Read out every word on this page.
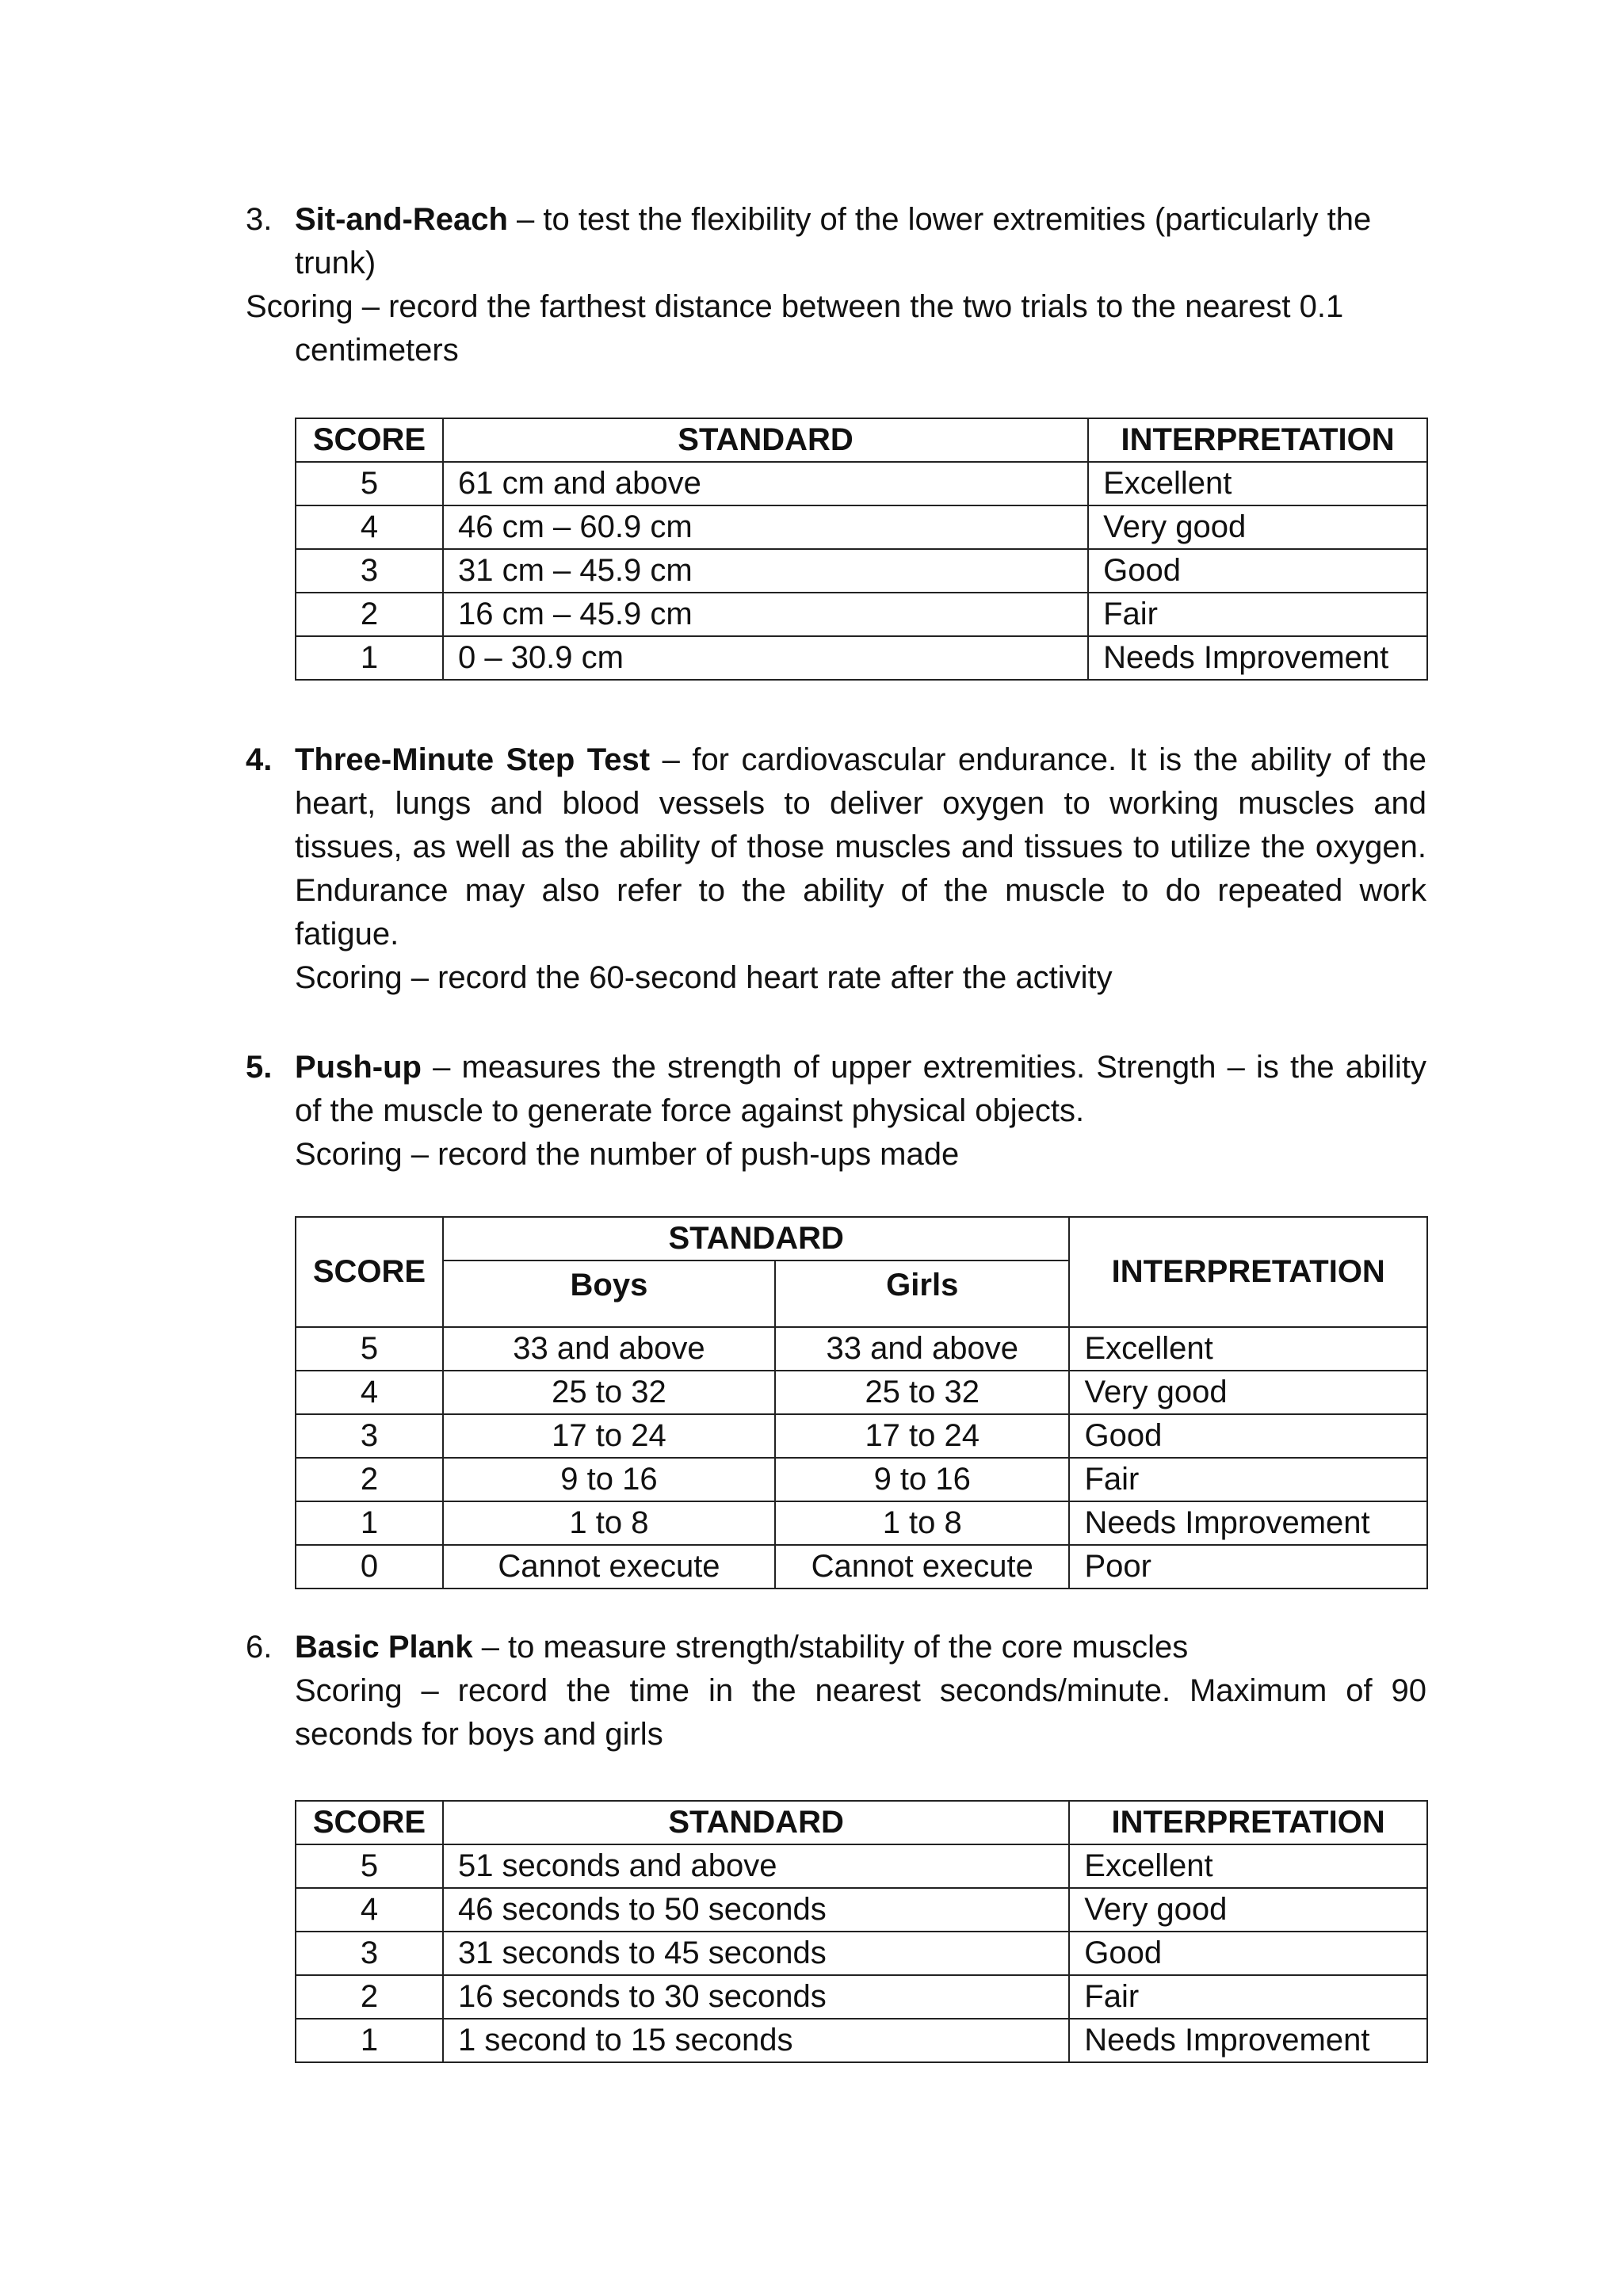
3. Sit-and-Reach – to test the flexibility of the lower extremities (particularly the trunk)
Scoring – record the farthest distance between the two trials to the nearest 0.1 centimeters
SCORE	STANDARD	INTERPRETATION
5	61 cm and above	Excellent
4	46 cm – 60.9 cm	Very good
3	31 cm – 45.9 cm	Good
2	16 cm – 45.9 cm	Fair
1	0 – 30.9 cm	Needs Improvement
4. Three-Minute Step Test – for cardiovascular endurance. It is the ability of the heart, lungs and blood vessels to deliver oxygen to working muscles and tissues, as well as the ability of those muscles and tissues to utilize the oxygen. Endurance may also refer to the ability of the muscle to do repeated work fatigue.
Scoring – record the 60-second heart rate after the activity
5. Push-up – measures the strength of upper extremities. Strength – is the ability of the muscle to generate force against physical objects.
Scoring – record the number of push-ups made
SCORE	STANDARD		INTERPRETATION
	Boys	Girls	
5	33 and above	33 and above	Excellent
4	25 to 32	25 to 32	Very good
3	17 to 24	17 to 24	Good
2	9 to 16	9 to 16	Fair
1	1 to 8	1 to 8	Needs Improvement
0	Cannot execute	Cannot execute	Poor
6. Basic Plank – to measure strength/stability of the core muscles
Scoring – record the time in the nearest seconds/minute. Maximum of 90 seconds for boys and girls
SCORE	STANDARD	INTERPRETATION
5	51 seconds and above	Excellent
4	46 seconds to 50 seconds	Very good
3	31 seconds to 45 seconds	Good
2	16 seconds to 30 seconds	Fair
1	1 second to 15 seconds	Needs Improvement
